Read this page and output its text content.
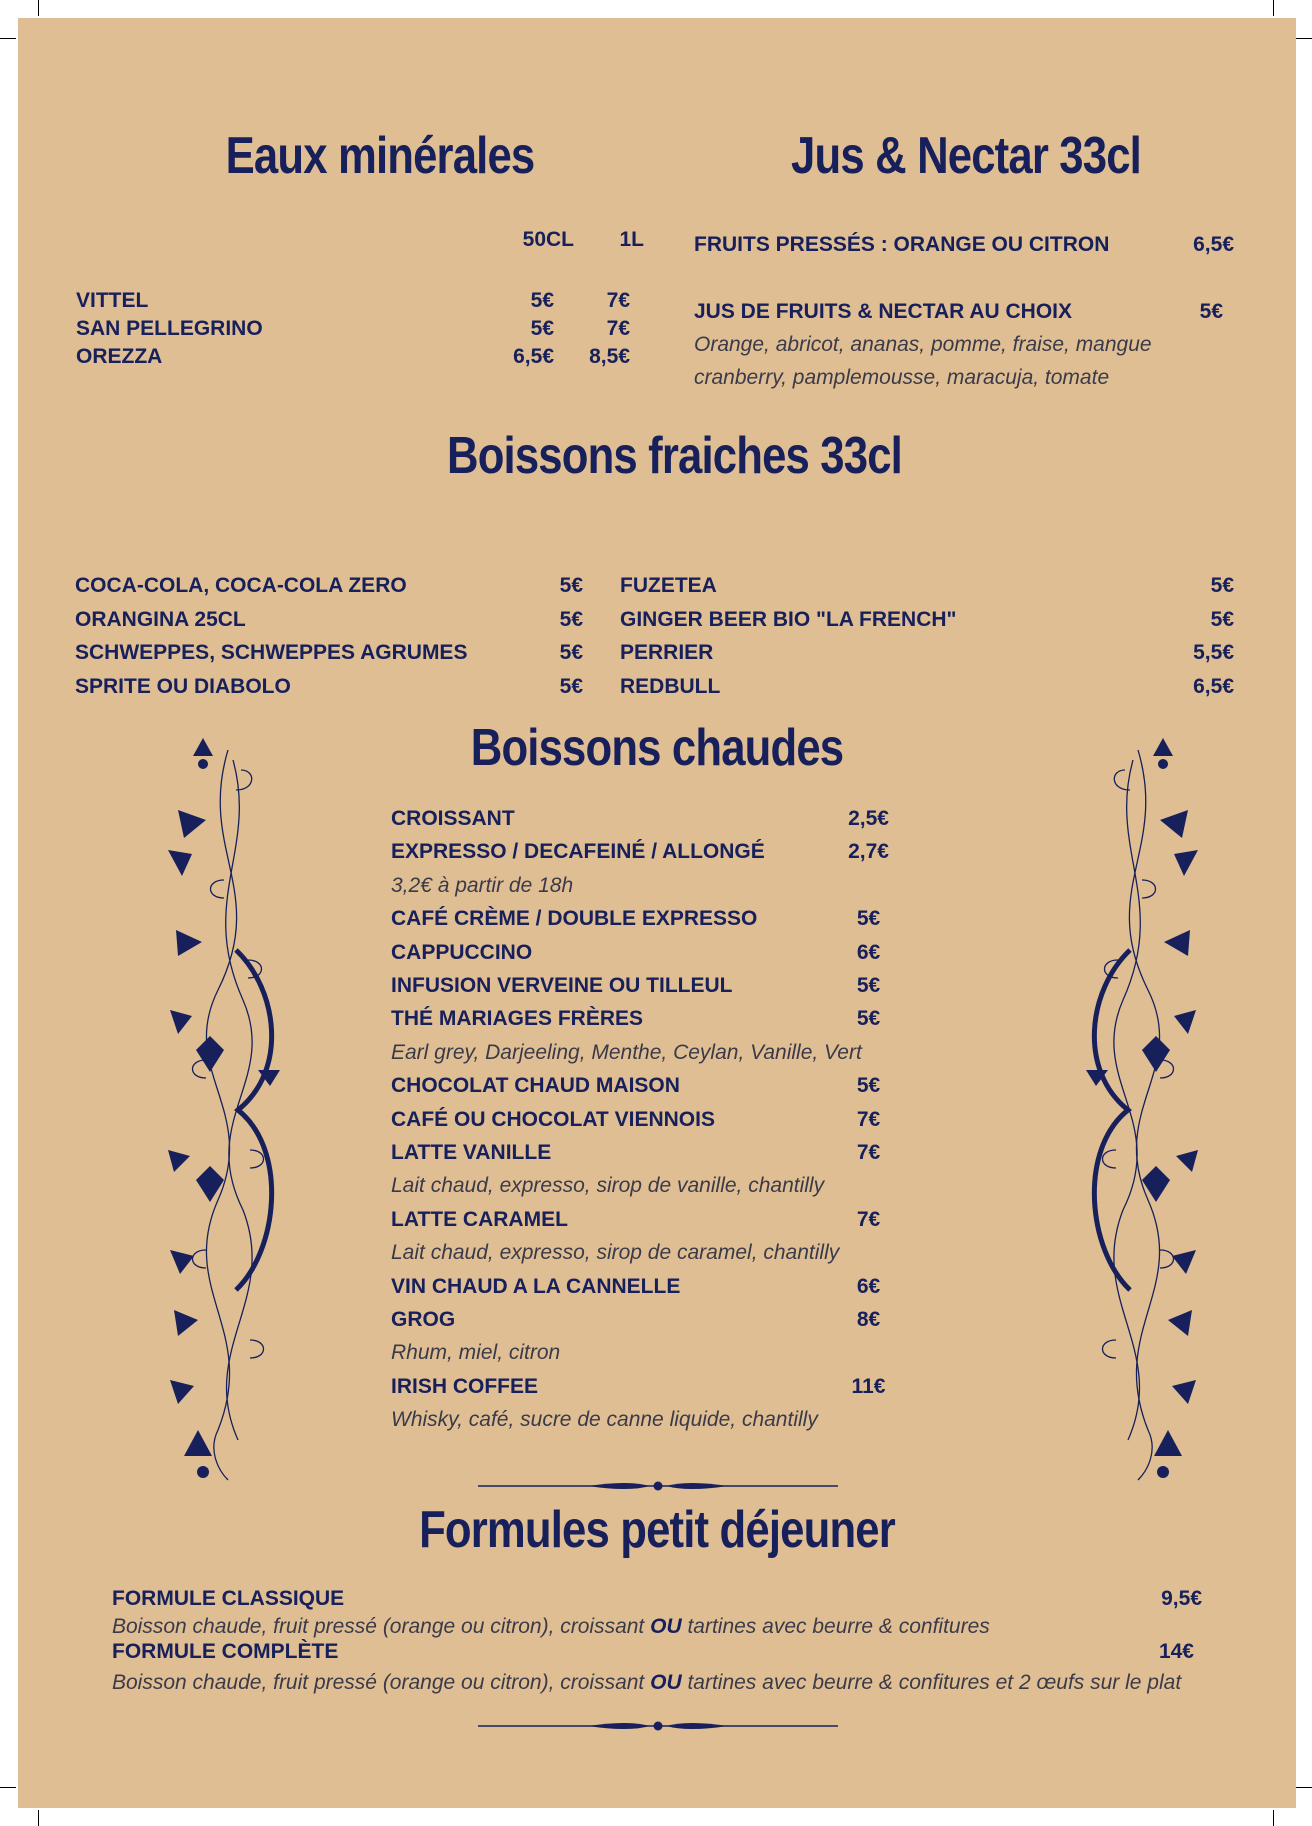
Eaux minérales
50CL	1L
VITTEL	5€	7€
SAN PELLEGRINO	5€	7€
OREZZA	6,5€	8,5€
Jus & Nectar 33cl
FRUITS PRESSÉS : ORANGE OU CITRON	6,5€
JUS DE FRUITS & NECTAR AU CHOIX	5€
Orange, abricot, ananas, pomme, fraise, mangue
cranberry, pamplemousse, maracuja, tomate
Boissons fraiches 33cl
COCA-COLA, COCA-COLA ZERO	5€
ORANGINA 25CL	5€
SCHWEPPES, SCHWEPPES AGRUMES	5€
SPRITE OU DIABOLO	5€
FUZETEA	5€
GINGER BEER BIO "LA FRENCH"	5€
PERRIER	5,5€
REDBULL	6,5€
Boissons chaudes
CROISSANT	2,5€
EXPRESSO / DECAFEINÉ / ALLONGÉ	2,7€
3,2€ à partir de 18h
CAFÉ CRÈME / DOUBLE EXPRESSO	5€
CAPPUCCINO	6€
INFUSION VERVEINE OU TILLEUL	5€
THÉ MARIAGES FRÈRES	5€
Earl grey, Darjeeling, Menthe, Ceylan, Vanille, Vert
CHOCOLAT CHAUD MAISON	5€
CAFÉ OU CHOCOLAT VIENNOIS	7€
LATTE VANILLE	7€
Lait chaud, expresso, sirop de vanille, chantilly
LATTE CARAMEL	7€
Lait chaud, expresso, sirop de caramel, chantilly
VIN CHAUD A LA CANNELLE	6€
GROG	8€
Rhum, miel, citron
IRISH COFFEE	11€
Whisky, café, sucre de canne liquide, chantilly
Formules petit déjeuner
FORMULE CLASSIQUE	9,5€
Boisson chaude, fruit pressé (orange ou citron), croissant OU tartines avec beurre & confitures
FORMULE COMPLÈTE	14€
Boisson chaude, fruit pressé (orange ou citron), croissant OU tartines avec beurre & confitures et 2 œufs sur le plat
